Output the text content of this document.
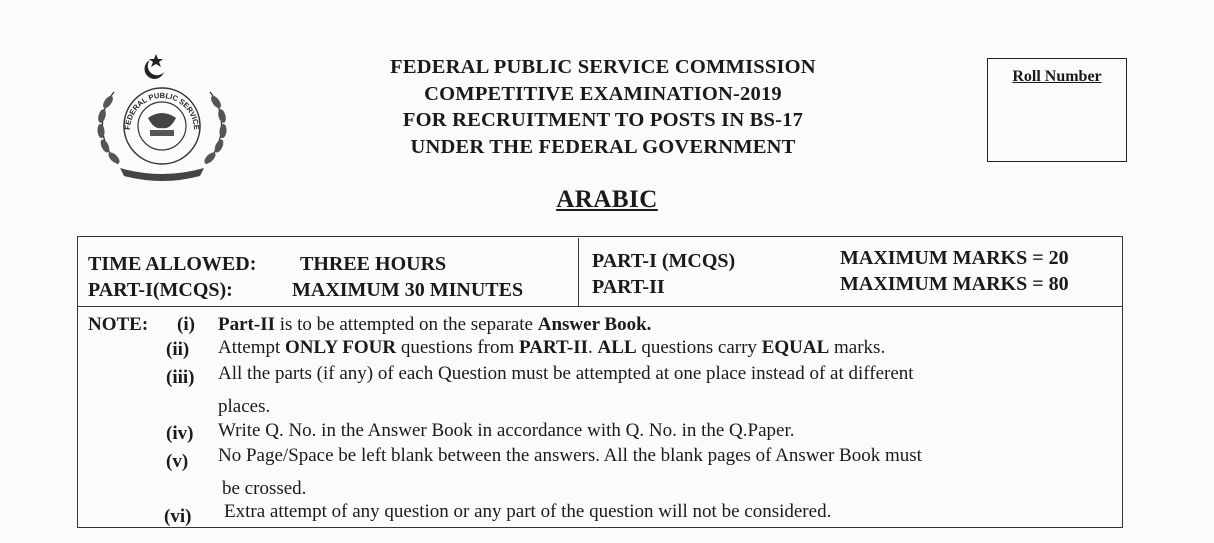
FEDERAL PUBLIC SERVICE
FEDERAL PUBLIC SERVICE COMMISSION
COMPETITIVE EXAMINATION-2019
FOR RECRUITMENT TO POSTS IN BS-17
UNDER THE FEDERAL GOVERNMENT
Roll Number
ARABIC
TIME ALLOWED: THREE HOURS
PART-I(MCQS):	MAXIMUM 30 MINUTES
PART-I (MCQS)
PART-II
MAXIMUM MARKS = 20
MAXIMUM MARKS = 80
NOTE: (i) Part-II is to be attempted on the separate Answer Book.
(ii) Attempt ONLY FOUR questions from PART-II. ALL questions carry EQUAL marks.
(iii) All the parts (if any) of each Question must be attempted at one place instead of at different
places.
(iv) Write Q. No. in the Answer Book in accordance with Q. No. in the Q.Paper.
(v) No Page/Space be left blank between the answers. All the blank pages of Answer Book must
be crossed.
(vi) Extra attempt of any question or any part of the question will not be considered.
